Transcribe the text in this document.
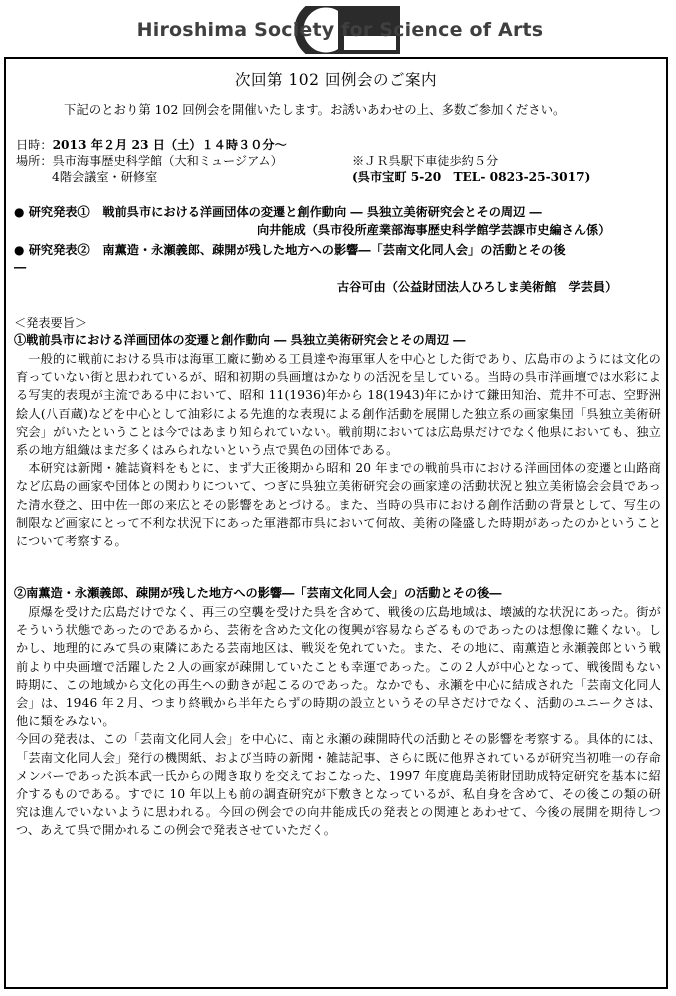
Hiroshima Society for Science of Arts
次回第 102 回例会のご案内
下記のとおり第 102 回例会を開催いたします。お誘いあわせの上、多数ご参加ください。
日時：2013 年２月 23 日（土）１４時３０分～
場所：呉市海事歴史科学館（大和ミュージアム）	※ＪＲ呉駅下車徒歩約５分
4階会議室・研修室	(呉市宝町 5-20　TEL- 0823-25-3017)
● 研究発表① 戦前呉市における洋画団体の変遷と創作動向 ― 呉独立美術研究会とその周辺 ―
向井能成（呉市役所産業部海事歴史科学館学芸課市史編さん係）
● 研究発表② 南薫造・永瀬義郎、疎開が残した地方への影響―「芸南文化同人会」の活動とその後
―
古谷可由（公益財団法人ひろしま美術館　学芸員）
＜発表要旨＞
①戦前呉市における洋画団体の変遷と創作動向 ― 呉独立美術研究会とその周辺 ―

一般的に戦前における呉市は海軍工廠に勤める工員達や海軍軍人を中心とした街であり、広島市のようには文化の育っていない街と思われているが、昭和初期の呉画壇はかなりの活況を呈している。当時の呉市洋画壇では水彩による写実的表現が主流である中において、昭和 11(1936)年から 18(1943)年にかけて鎌田知治、荒井不可志、空野洲絵人(八百蔵)などを中心として油彩による先進的な表現による創作活動を展開した独立系の画家集団「呉独立美術研究会」がいたということは今ではあまり知られていない。戦前期においては広島県だけでなく他県においても、独立系の地方組織はまだ多くはみられないという点で異色の団体である。

本研究は新聞・雑誌資料をもとに、まず大正後期から昭和 20 年までの戦前呉市における洋画団体の変遷と山路商など広島の画家や団体との関わりについて、つぎに呉独立美術研究会の画家達の活動状況と独立美術協会会員であった清水登之、田中佐一郎の来広とその影響をあとづける。また、当時の呉市における創作活動の背景として、写生の制限など画家にとって不利な状況下にあった軍港都市呉において何故、美術の隆盛した時期があったのかということについて考察する。

②南薫造・永瀬義郎、疎開が残した地方への影響―「芸南文化同人会」の活動とその後―

原爆を受けた広島だけでなく、再三の空襲を受けた呉を含めて、戦後の広島地域は、壊滅的な状況にあった。街がそういう状態であったのであるから、芸術を含めた文化の復興が容易ならざるものであったのは想像に難くない。しかし、地理的にみて呉の東隣にあたる芸南地区は、戦災を免れていた。また、その地に、南薫造と永瀬義郎という戦前より中央画壇で活躍した２人の画家が疎開していたことも幸運であった。この２人が中心となって、戦後間もない時期に、この地域から文化の再生への動きが起こるのであった。なかでも、永瀬を中心に結成された「芸南文化同人会」は、1946 年２月、つまり終戦から半年たらずの時期の設立というその早さだけでなく、活動のユニークさは、他に類をみない。

今回の発表は、この「芸南文化同人会」を中心に、南と永瀬の疎開時代の活動とその影響を考察する。具体的には、「芸南文化同人会」発行の機関紙、および当時の新聞・雑誌記事、さらに既に他界されているが研究当初唯一の存命メンバーであった浜本武一氏からの聞き取りを交えておこなった、1997 年度鹿島美術財団助成特定研究を基本に紹介するものである。すでに 10 年以上も前の調査研究が下敷きとなっているが、私自身を含めて、その後この類の研究は進んでいないように思われる。今回の例会での向井能成氏の発表との関連とあわせて、今後の展開を期待しつつ、あえて呉で開かれるこの例会で発表させていただく。
